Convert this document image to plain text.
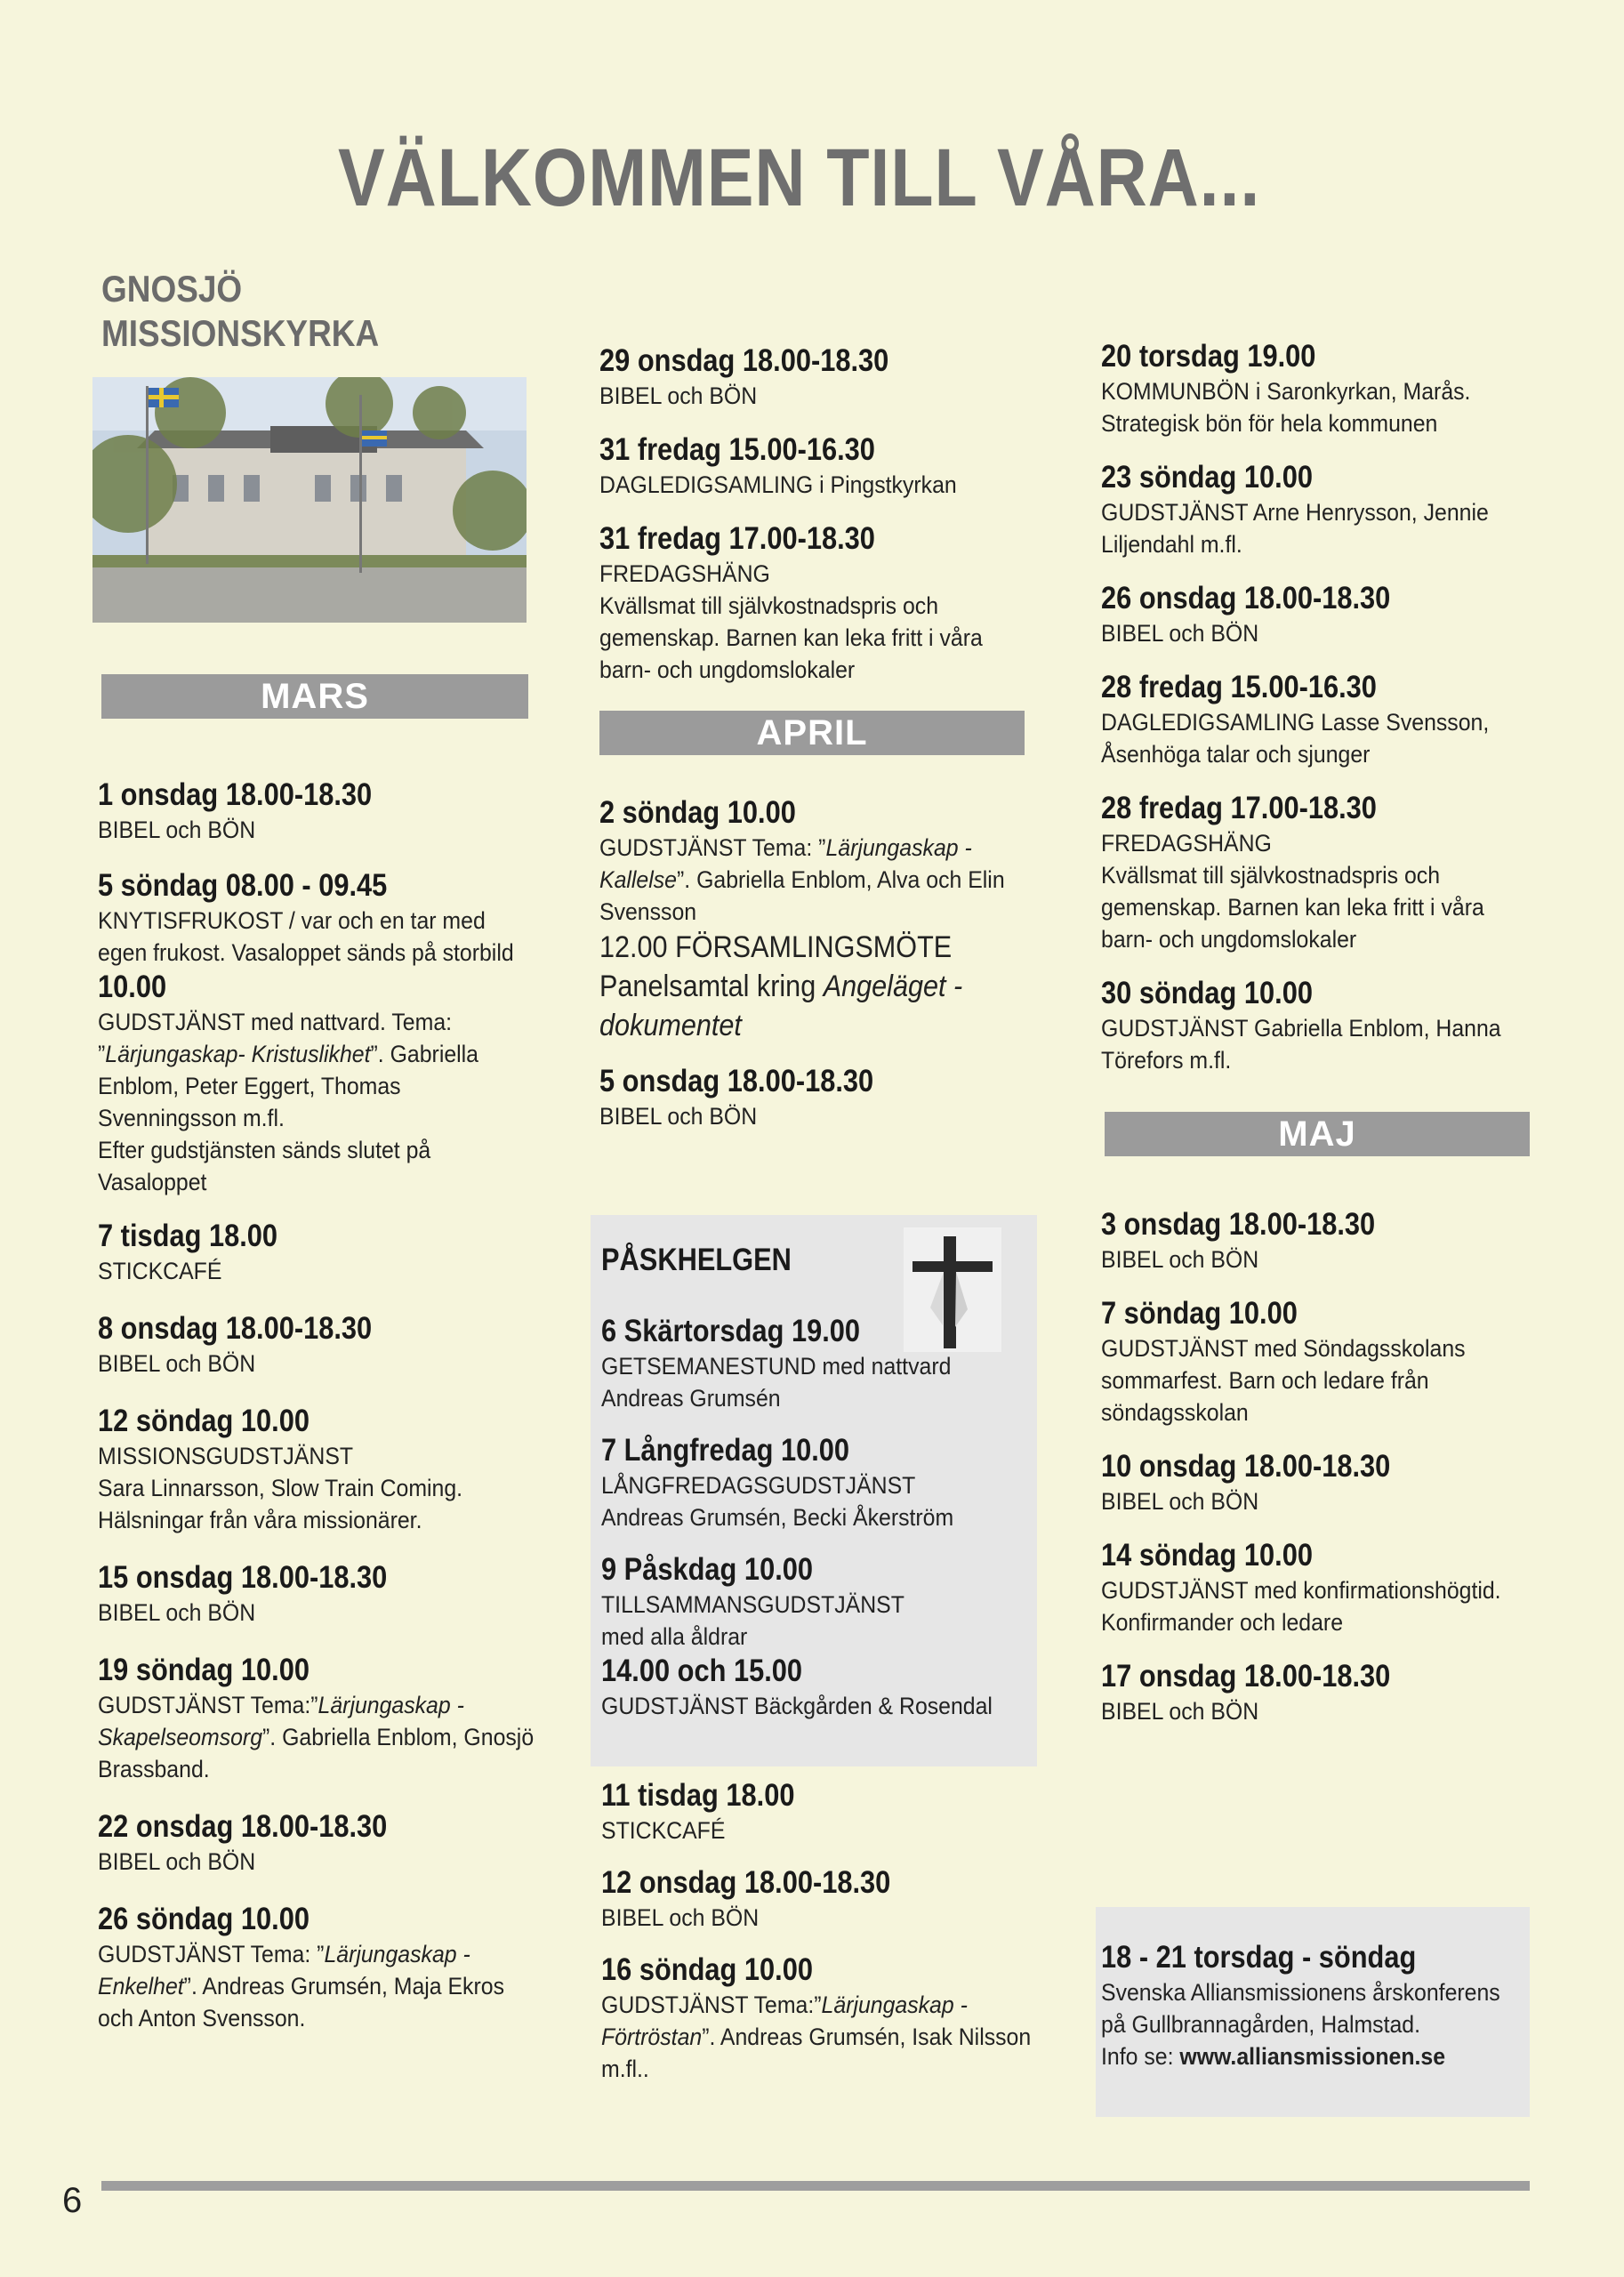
VÄLKOMMEN TILL VÅRA...
GNOSJÖ
MISSIONSKYRKA
MARS
1 onsdag 18.00-18.30
BIBEL och BÖN
5 söndag 08.00 - 09.45
KNYTISFRUKOST / var och en tar med egen frukost. Vasaloppet sänds på storbild
10.00
GUDSTJÄNST med nattvard. Tema: ”Lärjungaskap- Kristuslikhet”. Gabriella Enblom, Peter Eggert, Thomas Svenningsson m.fl.
Efter gudstjänsten sänds slutet på Vasaloppet
7 tisdag 18.00
STICKCAFÉ
8 onsdag 18.00-18.30
BIBEL och BÖN
12 söndag 10.00
MISSIONSGUDSTJÄNST
Sara Linnarsson, Slow Train Coming. Hälsningar från våra missionärer.
15 onsdag 18.00-18.30
BIBEL och BÖN
19 söndag 10.00
GUDSTJÄNST Tema:”Lärjungaskap - Skapelseomsorg”. Gabriella Enblom, Gnosjö Brassband.
22 onsdag 18.00-18.30
BIBEL och BÖN
26 söndag 10.00
GUDSTJÄNST Tema: ”Lärjungaskap - Enkelhet”. Andreas Grumsén, Maja Ekros och Anton Svensson.
29 onsdag 18.00-18.30
BIBEL och BÖN
31 fredag 15.00-16.30
DAGLEDIGSAMLING i Pingstkyrkan
31 fredag 17.00-18.30
FREDAGSHÄNG
Kvällsmat till självkostnadspris och gemenskap. Barnen kan leka fritt i våra barn- och ungdomslokaler
APRIL
2 söndag 10.00
GUDSTJÄNST Tema: ”Lärjungaskap - Kallelse”. Gabriella Enblom, Alva och Elin Svensson
12.00 FÖRSAMLINGSMÖTE
Panelsamtal kring Angeläget - dokumentet
5 onsdag 18.00-18.30
BIBEL och BÖN
PÅSKHELGEN
6 Skärtorsdag 19.00
GETSEMANESTUND med nattvard
Andreas Grumsén
7 Långfredag 10.00
LÅNGFREDAGSGUDSTJÄNST
Andreas Grumsén, Becki Åkerström
9 Påskdag 10.00
TILLSAMMANSGUDSTJÄNST med alla åldrar
14.00 och 15.00
GUDSTJÄNST Bäckgården & Rosendal
11 tisdag 18.00
STICKCAFÉ
12 onsdag 18.00-18.30
BIBEL och BÖN
16 söndag 10.00
GUDSTJÄNST Tema:”Lärjungaskap - Förtröstan”. Andreas Grumsén, Isak Nilsson m.fl..
20 torsdag 19.00
KOMMUNBÖN i Saronkyrkan, Marås. Strategisk bön för hela kommunen
23 söndag 10.00
GUDSTJÄNST Arne Henrysson, Jennie Liljendahl m.fl.
26 onsdag 18.00-18.30
BIBEL och BÖN
28 fredag 15.00-16.30
DAGLEDIGSAMLING Lasse Svensson, Åsenhöga talar och sjunger
28 fredag 17.00-18.30
FREDAGSHÄNG
Kvällsmat till självkostnadspris och gemenskap. Barnen kan leka fritt i våra barn- och ungdomslokaler
30 söndag 10.00
GUDSTJÄNST Gabriella Enblom, Hanna Törefors m.fl.
MAJ
3 onsdag 18.00-18.30
BIBEL och BÖN
7 söndag 10.00
GUDSTJÄNST med Söndagsskolans sommarfest. Barn och ledare från söndagsskolan
10 onsdag 18.00-18.30
BIBEL och BÖN
14 söndag 10.00
GUDSTJÄNST med konfirmationshögtid. Konfirmander och ledare
17 onsdag 18.00-18.30
BIBEL och BÖN
18 - 21 torsdag - söndag
Svenska Alliansmissionens årskonferens på Gullbrannagården, Halmstad.
Info se: www.alliansmissionen.se
6
